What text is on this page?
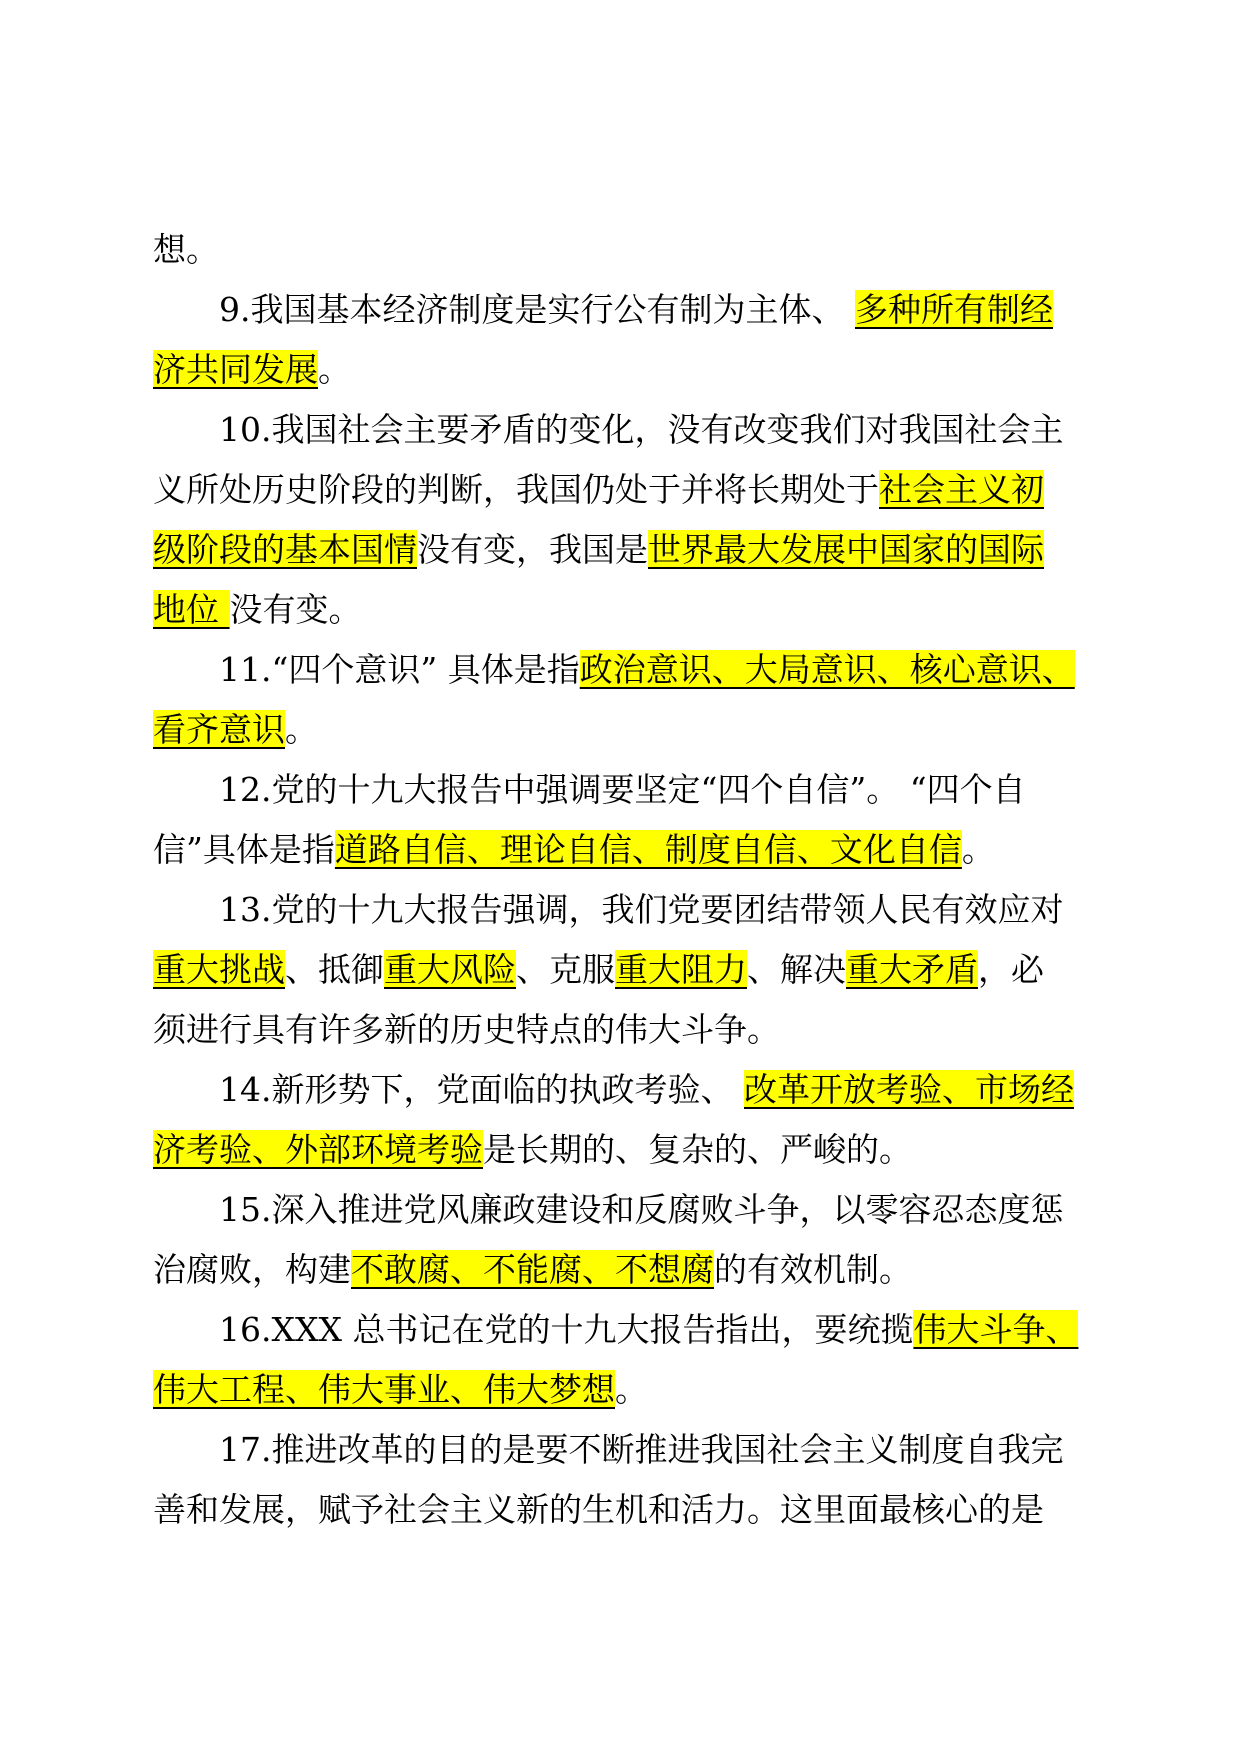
想。
9.我国基本经济制度是实行公有制为主体、 多种所有制经
济共同发展。
10.我国社会主要矛盾的变化，没有改变我们对我国社会主
义所处历史阶段的判断，我国仍处于并将长期处于社会主义初
级阶段的基本国情没有变，我国是世界最大发展中国家的国际
地位 没有变。
11.“四个意识” 具体是指政治意识、大局意识、核心意识、
看齐意识。
12.党的十九大报告中强调要坚定“四个自信”。 “四个自
信”具体是指道路自信、理论自信、制度自信、文化自信。
13.党的十九大报告强调，我们党要团结带领人民有效应对
重大挑战、抵御重大风险、克服重大阻力、解决重大矛盾，必
须进行具有许多新的历史特点的伟大斗争。
14.新形势下，党面临的执政考验、 改革开放考验、市场经
济考验、外部环境考验是长期的、复杂的、严峻的。
15.深入推进党风廉政建设和反腐败斗争，以零容忍态度惩
治腐败，构建不敢腐、不能腐、不想腐的有效机制。
16.XXX 总书记在党的十九大报告指出，要统揽伟大斗争、
伟大工程、伟大事业、伟大梦想。
17.推进改革的目的是要不断推进我国社会主义制度自我完
善和发展，赋予社会主义新的生机和活力。这里面最核心的是
